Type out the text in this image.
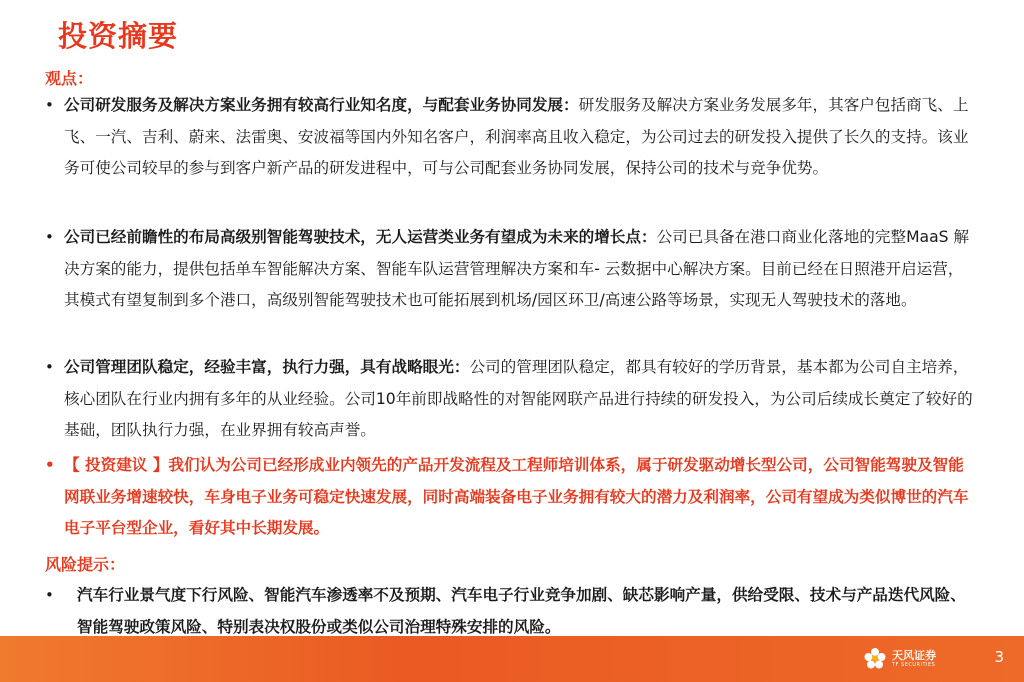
投资摘要
观点：
• 公司研发服务及解决方案业务拥有较高行业知名度，与配套业务协同发展：研发服务及解决方案业务发展多年，其客户包括商飞、上飞、一汽、吉利、蔚来、法雷奥、安波福等国内外知名客户，利润率高且收入稳定，为公司过去的研发投入提供了长久的支持。该业务可使公司较早的参与到客户新产品的研发进程中，可与公司配套业务协同发展，保持公司的技术与竞争优势。
• 公司已经前瞻性的布局高级别智能驾驶技术，无人运营类业务有望成为未来的增长点：公司已具备在港口商业化落地的完整MaaS 解决方案的能力，提供包括单车智能解决方案、智能车队运营管理解决方案和车- 云数据中心解决方案。目前已经在日照港开启运营，其模式有望复制到多个港口，高级别智能驾驶技术也可能拓展到机场/园区环卫/高速公路等场景，实现无人驾驶技术的落地。
• 公司管理团队稳定，经验丰富，执行力强，具有战略眼光：公司的管理团队稳定，都具有较好的学历背景，基本都为公司自主培养，核心团队在行业内拥有多年的从业经验。公司10年前即战略性的对智能网联产品进行持续的研发投入，为公司后续成长奠定了较好的基础，团队执行力强，在业界拥有较高声誉。
• 【 投资建议 】我们认为公司已经形成业内领先的产品开发流程及工程师培训体系，属于研发驱动增长型公司，公司智能驾驶及智能网联业务增速较快，车身电子业务可稳定快速发展，同时高端装备电子业务拥有较大的潜力及利润率，公司有望成为类似博世的汽车电子平台型企业，看好其中长期发展。
风险提示：
•	汽车行业景气度下行风险、智能汽车渗透率不及预期、汽车电子行业竞争加剧、缺芯影响产量，供给受限、技术与产品迭代风险、智能驾驶政策风险、特别表决权股份或类似公司治理特殊安排的风险。
天风证券
TF SECURITIES	3
